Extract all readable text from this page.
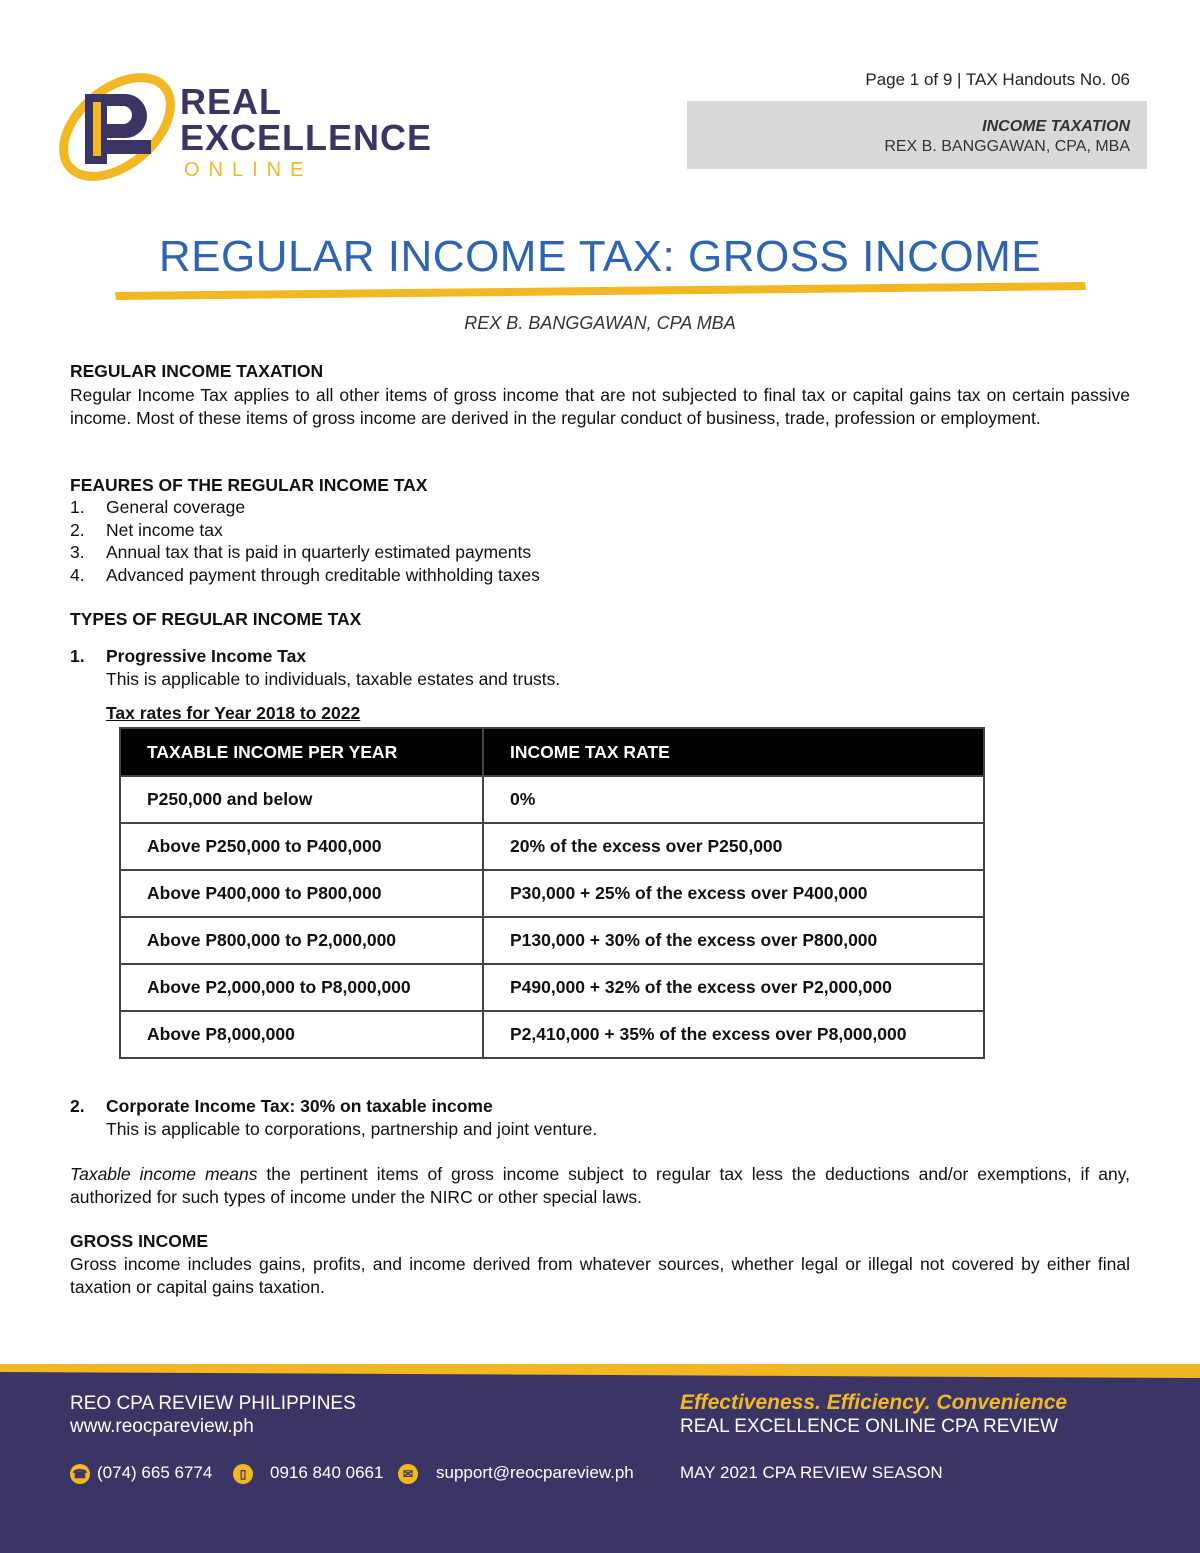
REAL
EXCELLENCE
ONLINE
Page 1 of 9 | TAX Handouts No. 06
INCOME TAXATION
REX B. BANGGAWAN, CPA, MBA
REGULAR INCOME TAX: GROSS INCOME
REX B. BANGGAWAN, CPA MBA
REGULAR INCOME TAXATION
Regular Income Tax applies to all other items of gross income that are not subjected to final tax or capital gains tax on certain passive income. Most of these items of gross income are derived in the regular conduct of business, trade, profession or employment.
FEAURES OF THE REGULAR INCOME TAX
1. General coverage
2. Net income tax
3. Annual tax that is paid in quarterly estimated payments
4. Advanced payment through creditable withholding taxes
TYPES OF REGULAR INCOME TAX
1. Progressive Income Tax
This is applicable to individuals, taxable estates and trusts.
Tax rates for Year 2018 to 2022
TAXABLE INCOME PER YEAR	INCOME TAX RATE
P250,000 and below	0%
Above P250,000 to P400,000	20% of the excess over P250,000
Above P400,000 to P800,000	P30,000 + 25% of the excess over P400,000
Above P800,000 to P2,000,000	P130,000 + 30% of the excess over P800,000
Above P2,000,000 to P8,000,000	P490,000 + 32% of the excess over P2,000,000
Above P8,000,000	P2,410,000 + 35% of the excess over P8,000,000
2. Corporate Income Tax: 30% on taxable income
This is applicable to corporations, partnership and joint venture.
Taxable income means the pertinent items of gross income subject to regular tax less the deductions and/or exemptions, if any, authorized for such types of income under the NIRC or other special laws.
GROSS INCOME
Gross income includes gains, profits, and income derived from whatever sources, whether legal or illegal not covered by either final taxation or capital gains taxation.
REO CPA REVIEW PHILIPPINES
www.reocpareview.ph
Effectiveness. Efficiency. Convenience
REAL EXCELLENCE ONLINE CPA REVIEW
☎ (074) 665 6774	▯	0916 840 0661	✉ support@reocpareview.ph	MAY 2021 CPA REVIEW SEASON
